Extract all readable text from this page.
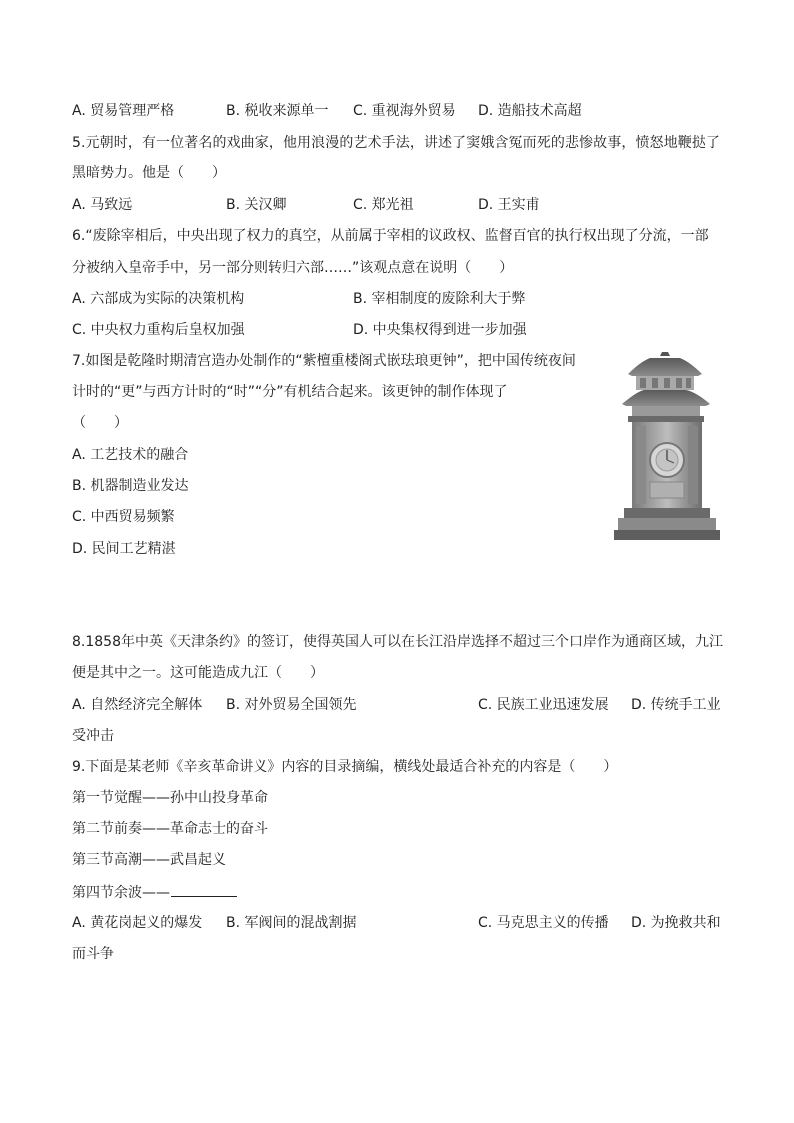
A. 贸易管理严格	B. 税收来源单一 C. 重视海外贸易 D. 造船技术高超
5.元朝时，有一位著名的戏曲家，他用浪漫的艺术手法，讲述了窦娥含冤而死的悲惨故事，愤怒地鞭挞了
黑暗势力。他是（　　）
A. 马致远	B. 关汉卿	C. 郑光祖	D. 王实甫
6.“废除宰相后，中央出现了权力的真空，从前属于宰相的议政权、监督百官的执行权出现了分流，一部
分被纳入皇帝手中，另一部分则转归六部……”该观点意在说明（　　）
A. 六部成为实际的决策机构	B. 宰相制度的废除利大于弊
C. 中央权力重构后皇权加强	D. 中央集权得到进一步加强
7.如图是乾隆时期清宫造办处制作的“紫檀重楼阁式嵌珐琅更钟”，把中国传统夜间
计时的“更”与西方计时的“时”“分”有机结合起来。该更钟的制作体现了
（　　）
A. 工艺技术的融合
B. 机器制造业发达
C. 中西贸易频繁
D. 民间工艺精湛
8.1858年中英《天津条约》的签订，使得英国人可以在长江沿岸选择不超过三个口岸作为通商区域，九江
便是其中之一。这可能造成九江（　　）
A. 自然经济完全解体 B. 对外贸易全国领先	C. 民族工业迅速发展 D. 传统手工业
受冲击
9.下面是某老师《辛亥革命讲义》内容的目录摘编，横线处最适合补充的内容是（　　）
第一节觉醒——孙中山投身革命
第二节前奏——革命志士的奋斗
第三节高潮——武昌起义
第四节余波——
A. 黄花岗起义的爆发 B. 军阀间的混战割据	C. 马克思主义的传播 D. 为挽救共和
而斗争
